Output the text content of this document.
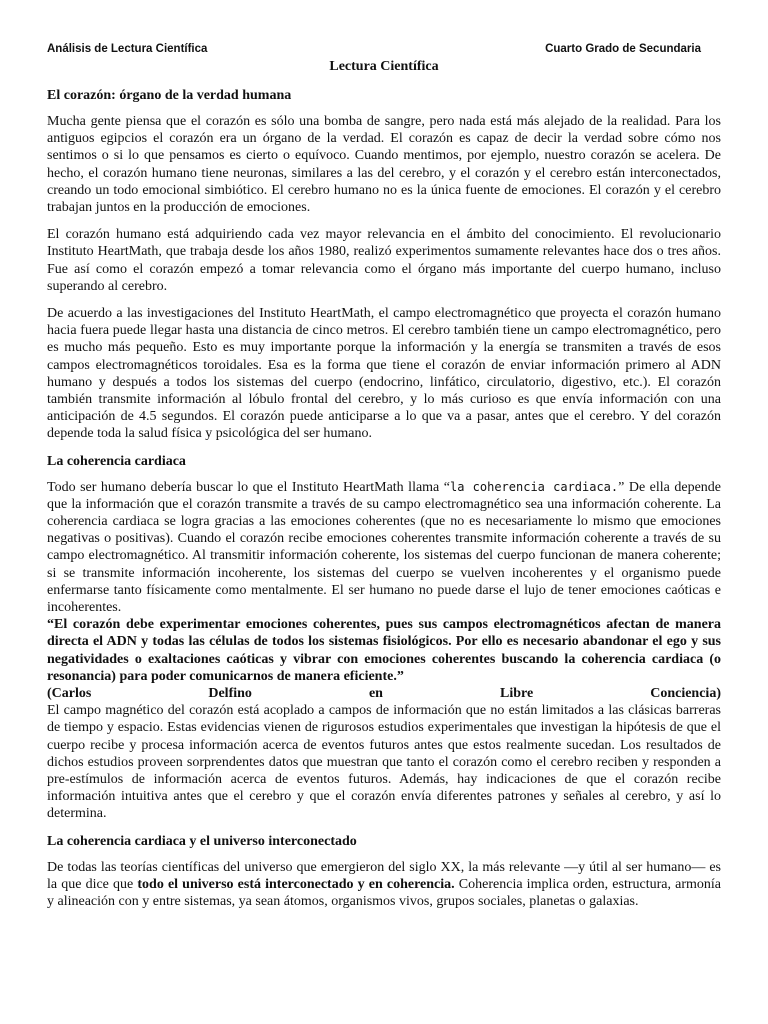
Análisis de Lectura Científica	Cuarto Grado de Secundaria
Lectura Científica
El corazón: órgano de la verdad humana

Mucha gente piensa que el corazón es sólo una bomba de sangre, pero nada está más alejado de la realidad. Para los antiguos egipcios el corazón era un órgano de la verdad. El corazón es capaz de decir la verdad sobre cómo nos sentimos o si lo que pensamos es cierto o equívoco. Cuando mentimos, por ejemplo, nuestro corazón se acelera. De hecho, el corazón humano tiene neuronas, similares a las del cerebro, y el corazón y el cerebro están interconectados, creando un todo emocional simbiótico. El cerebro humano no es la única fuente de emociones. El corazón y el cerebro trabajan juntos en la producción de emociones.

El corazón humano está adquiriendo cada vez mayor relevancia en el ámbito del conocimiento. El revolucionario Instituto HeartMath, que trabaja desde los años 1980, realizó experimentos sumamente relevantes hace dos o tres años. Fue así como el corazón empezó a tomar relevancia como el órgano más importante del cuerpo humano, incluso superando al cerebro.

De acuerdo a las investigaciones del Instituto HeartMath, el campo electromagnético que proyecta el corazón humano hacia fuera puede llegar hasta una distancia de cinco metros. El cerebro también tiene un campo electromagnético, pero es mucho más pequeño. Esto es muy importante porque la información y la energía se transmiten a través de esos campos electromagnéticos toroidales. Esa es la forma que tiene el corazón de enviar información primero al ADN humano y después a todos los sistemas del cuerpo (endocrino, linfático, circulatorio, digestivo, etc.). El corazón también transmite información al lóbulo frontal del cerebro, y lo más curioso es que envía información con una anticipación de 4.5 segundos. El corazón puede anticiparse a lo que va a pasar, antes que el cerebro. Y del corazón depende toda la salud física y psicológica del ser humano.

La coherencia cardiaca

Todo ser humano debería buscar lo que el Instituto HeartMath llama “la coherencia cardiaca.” De ella depende que la información que el corazón transmite a través de su campo electromagnético sea una información coherente. La coherencia cardiaca se logra gracias a las emociones coherentes (que no es necesariamente lo mismo que emociones negativas o positivas). Cuando el corazón recibe emociones coherentes transmite información coherente a través de su campo electromagnético. Al transmitir información coherente, los sistemas del cuerpo funcionan de manera coherente; si se transmite información incoherente, los sistemas del cuerpo se vuelven incoherentes y el organismo puede enfermarse tanto físicamente como mentalmente. El ser humano no puede darse el lujo de tener emociones caóticas e incoherentes.

“El corazón debe experimentar emociones coherentes, pues sus campos electromagnéticos afectan de manera directa el ADN y todas las células de todos los sistemas fisiológicos. Por ello es necesario abandonar el ego y sus negatividades o exaltaciones caóticas y vibrar con emociones coherentes buscando la coherencia cardiaca (o resonancia) para poder comunicarnos de manera eficiente.”

(Carlos	Delfino	en	Libre	Conciencia)

El campo magnético del corazón está acoplado a campos de información que no están limitados a las clásicas barreras de tiempo y espacio. Estas evidencias vienen de rigurosos estudios experimentales que investigan la hipótesis de que el cuerpo recibe y procesa información acerca de eventos futuros antes que estos realmente sucedan. Los resultados de dichos estudios proveen sorprendentes datos que muestran que tanto el corazón como el cerebro reciben y responden a pre-estímulos de información acerca de eventos futuros. Además, hay indicaciones de que el corazón recibe información intuitiva antes que el cerebro y que el corazón envía diferentes patrones y señales al cerebro, y así lo determina.

La coherencia cardiaca y el universo interconectado

De todas las teorías científicas del universo que emergieron del siglo XX, la más relevante —y útil al ser humano— es la que dice que todo el universo está interconectado y en coherencia. Coherencia implica orden, estructura, armonía y alineación con y entre sistemas, ya sean átomos, organismos vivos, grupos sociales, planetas o galaxias.
